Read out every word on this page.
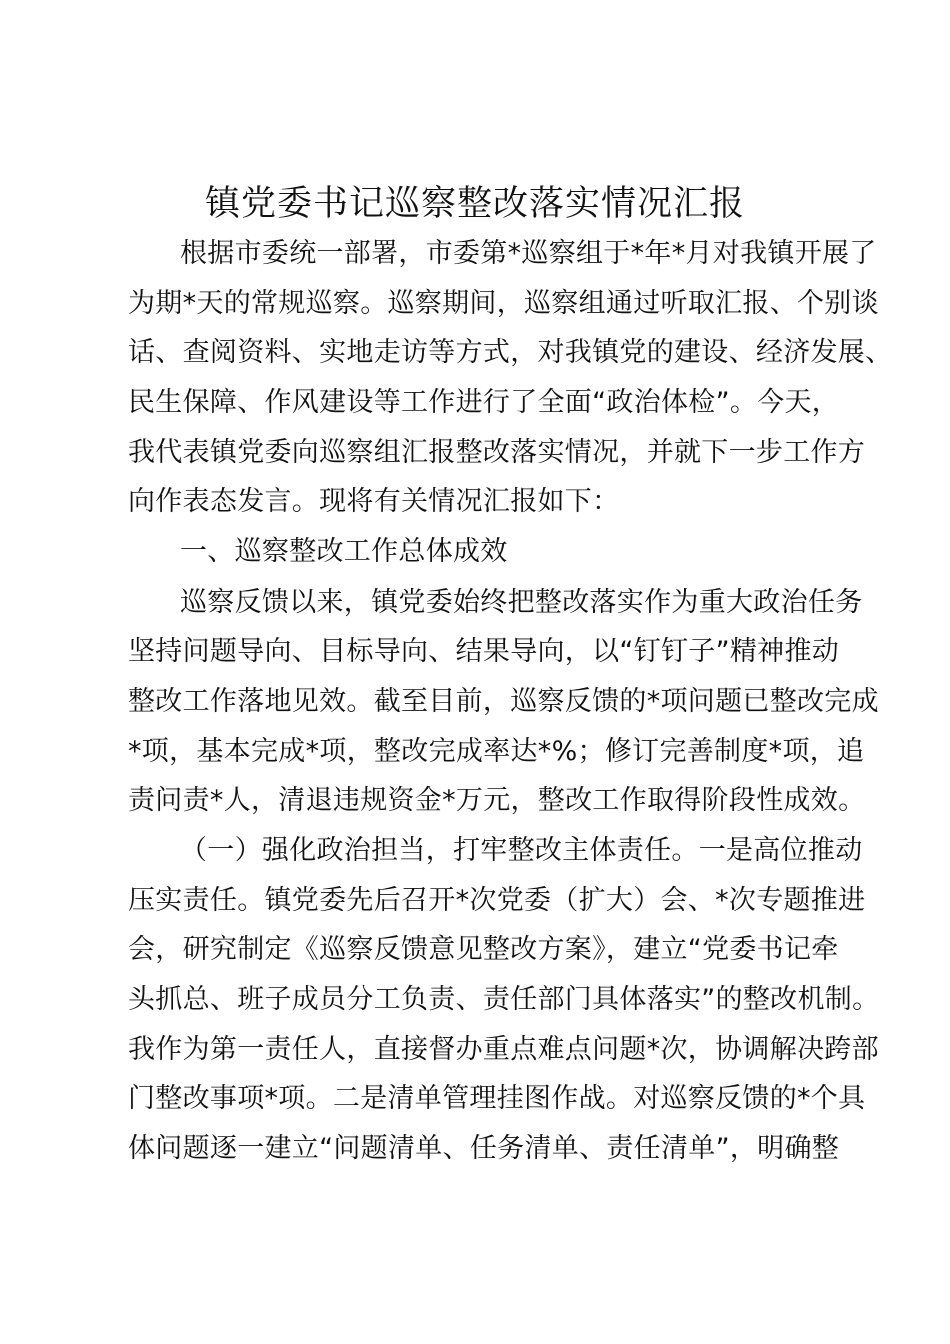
镇党委书记巡察整改落实情况汇报
根据市委统一部署，市委第*巡察组于*年*月对我镇开展了
为期*天的常规巡察。巡察期间，巡察组通过听取汇报、个别谈
话、查阅资料、实地走访等方式，对我镇党的建设、经济发展、
民生保障、作风建设等工作进行了全面“政治体检”。今天，
我代表镇党委向巡察组汇报整改落实情况，并就下一步工作方
向作表态发言。现将有关情况汇报如下：
一、巡察整改工作总体成效
巡察反馈以来，镇党委始终把整改落实作为重大政治任务
坚持问题导向、目标导向、结果导向，以“钉钉子”精神推动
整改工作落地见效。截至目前，巡察反馈的*项问题已整改完成
*项，基本完成*项，整改完成率达*%；修订完善制度*项，追
责问责*人，清退违规资金*万元，整改工作取得阶段性成效。
（一）强化政治担当，打牢整改主体责任。一是高位推动
压实责任。镇党委先后召开*次党委（扩大）会、*次专题推进
会，研究制定《巡察反馈意见整改方案》，建立“党委书记牵
头抓总、班子成员分工负责、责任部门具体落实”的整改机制。
我作为第一责任人，直接督办重点难点问题*次，协调解决跨部
门整改事项*项。二是清单管理挂图作战。对巡察反馈的*个具
体问题逐一建立“问题清单、任务清单、责任清单”，明确整
